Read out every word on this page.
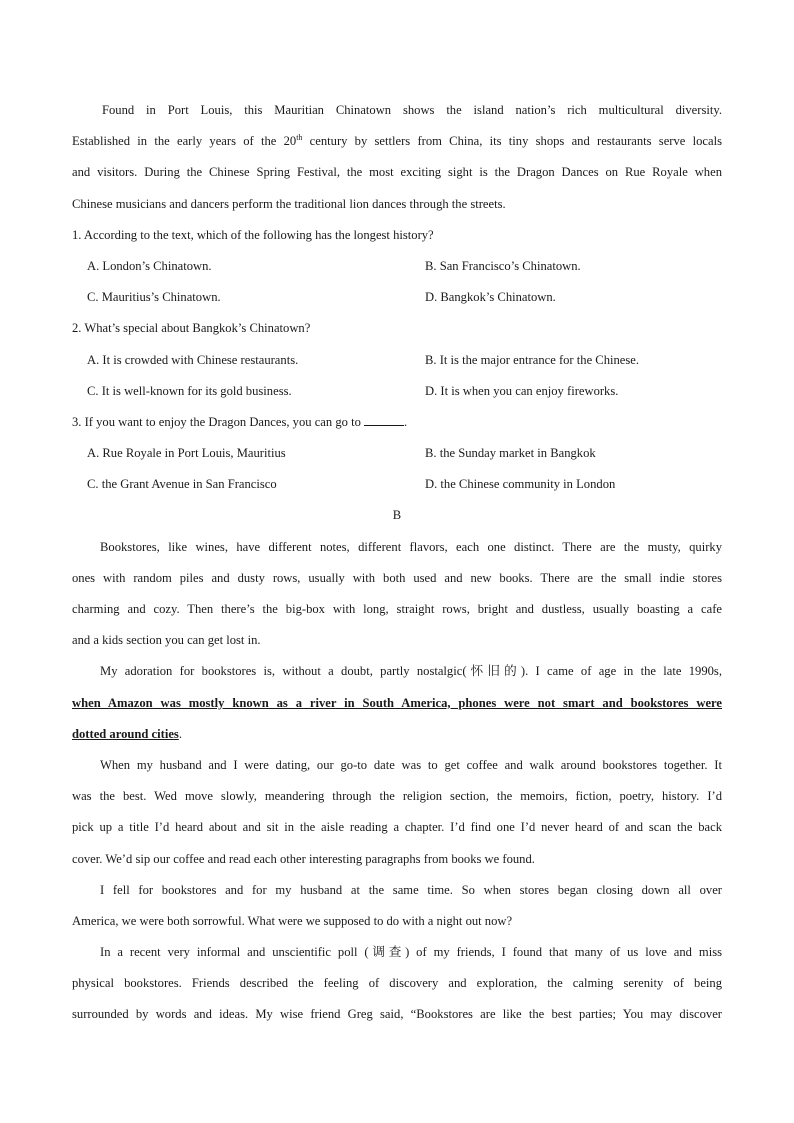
Found in Port Louis, this Mauritian Chinatown shows the island nation’s rich multicultural diversity.
Established in the early years of the 20th century by settlers from China, its tiny shops and restaurants serve locals
and visitors. During the Chinese Spring Festival, the most exciting sight is the Dragon Dances on Rue Royale when
Chinese musicians and dancers perform the traditional lion dances through the streets.
1. According to the text, which of the following has the longest history?
A. London’s Chinatown.	B. San Francisco’s Chinatown.
C. Mauritius’s Chinatown.	D. Bangkok’s Chinatown.
2. What’s special about Bangkok’s Chinatown?
A. It is crowded with Chinese restaurants.	B. It is the major entrance for the Chinese.
C. It is well-known for its gold business.	D. It is when you can enjoy fireworks.
3. If you want to enjoy the Dragon Dances, you can go to	.
A. Rue Royale in Port Louis, Mauritius	B. the Sunday market in Bangkok
C. the Grant Avenue in San Francisco	D. the Chinese community in London
B
Bookstores, like wines, have different notes, different flavors, each one distinct. There are the musty, quirky
ones with random piles and dusty rows, usually with both used and new books. There are the small indie stores
charming and cozy. Then there’s the big-box with long, straight rows, bright and dustless, usually boasting a cafe
and a kids section you can get lost in.
My adoration for bookstores is, without a doubt, partly nostalgic(怀旧的). I came of age in the late 1990s,
when Amazon was mostly known as a river in South America, phones were not smart and bookstores were
dotted around cities.
When my husband and I were dating, our go-to date was to get coffee and walk around bookstores together. It
was the best. Wed move slowly, meandering through the religion section, the memoirs, fiction, poetry, history. I’d
pick up a title I’d heard about and sit in the aisle reading a chapter. I’d find one I’d never heard of and scan the back
cover. We’d sip our coffee and read each other interesting paragraphs from books we found.
I fell for bookstores and for my husband at the same time. So when stores began closing down all over
America, we were both sorrowful. What were we supposed to do with a night out now?
In a recent very informal and unscientific poll (调查) of my friends, I found that many of us love and miss
physical bookstores. Friends described the feeling of discovery and exploration, the calming serenity of being
surrounded by words and ideas. My wise friend Greg said, “Bookstores are like the best parties; You may discover
